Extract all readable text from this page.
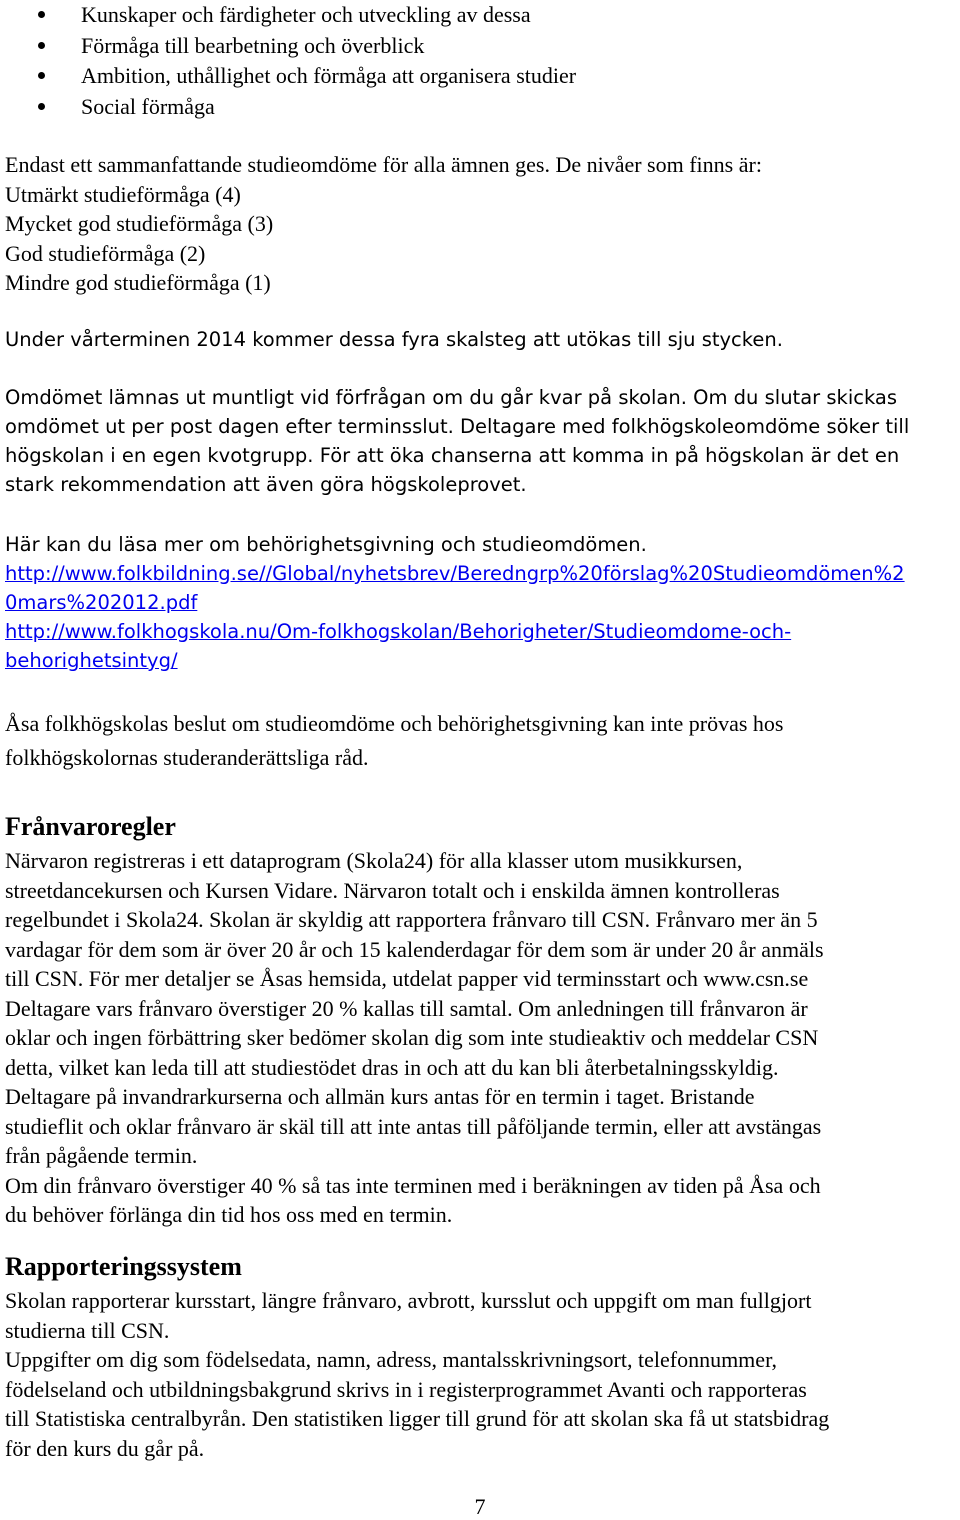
Kunskaper och färdigheter och utveckling av dessa
Förmåga till bearbetning och överblick
Ambition, uthållighet och förmåga att organisera studier
Social förmåga
Endast ett sammanfattande studieomdöme för alla ämnen ges. De nivåer som finns är:
Utmärkt studieförmåga (4)
Mycket god studieförmåga (3)
God studieförmåga (2)
Mindre god studieförmåga (1)
Under vårterminen 2014 kommer dessa fyra skalsteg att utökas till sju stycken.
Omdömet lämnas ut muntligt vid förfrågan om du går kvar på skolan. Om du slutar skickas
omdömet ut per post dagen efter terminsslut. Deltagare med folkhögskoleomdöme söker till
högskolan i en egen kvotgrupp. För att öka chanserna att komma in på högskolan är det en
stark rekommendation att även göra högskoleprovet.
Här kan du läsa mer om behörighetsgivning och studieomdömen.
http://www.folkbildning.se//Global/nyhetsbrev/Beredngrp%20förslag%20Studieomdömen%2
0mars%202012.pdf
http://www.folkhogskola.nu/Om-folkhogskolan/Behorigheter/Studieomdome-och-
behorighetsintyg/
Åsa folkhögskolas beslut om studieomdöme och behörighetsgivning kan inte prövas hos
folkhögskolornas studeranderättsliga råd.
Frånvaroregler
Närvaron registreras i ett dataprogram (Skola24) för alla klasser utom musikkursen,
streetdancekursen och Kursen Vidare. Närvaron totalt och i enskilda ämnen kontrolleras
regelbundet i Skola24. Skolan är skyldig att rapportera frånvaro till CSN. Frånvaro mer än 5
vardagar för dem som är över 20 år och 15 kalenderdagar för dem som är under 20 år anmäls
till CSN. För mer detaljer se Åsas hemsida, utdelat papper vid terminsstart och www.csn.se
Deltagare vars frånvaro överstiger 20 % kallas till samtal. Om anledningen till frånvaron är
oklar och ingen förbättring sker bedömer skolan dig som inte studieaktiv och meddelar CSN
detta, vilket kan leda till att studiestödet dras in och att du kan bli återbetalningsskyldig.
Deltagare på invandrarkurserna och allmän kurs antas för en termin i taget. Bristande
studieflit och oklar frånvaro är skäl till att inte antas till påföljande termin, eller att avstängas
från pågående termin.
Om din frånvaro överstiger 40 % så tas inte terminen med i beräkningen av tiden på Åsa och
du behöver förlänga din tid hos oss med en termin.
Rapporteringssystem
Skolan rapporterar kursstart, längre frånvaro, avbrott, kursslut och uppgift om man fullgjort
studierna till CSN.
Uppgifter om dig som födelsedata, namn, adress, mantalsskrivningsort, telefonnummer,
födelseland och utbildningsbakgrund skrivs in i registerprogrammet Avanti och rapporteras
till Statistiska centralbyrån. Den statistiken ligger till grund för att skolan ska få ut statsbidrag
för den kurs du går på.
7
